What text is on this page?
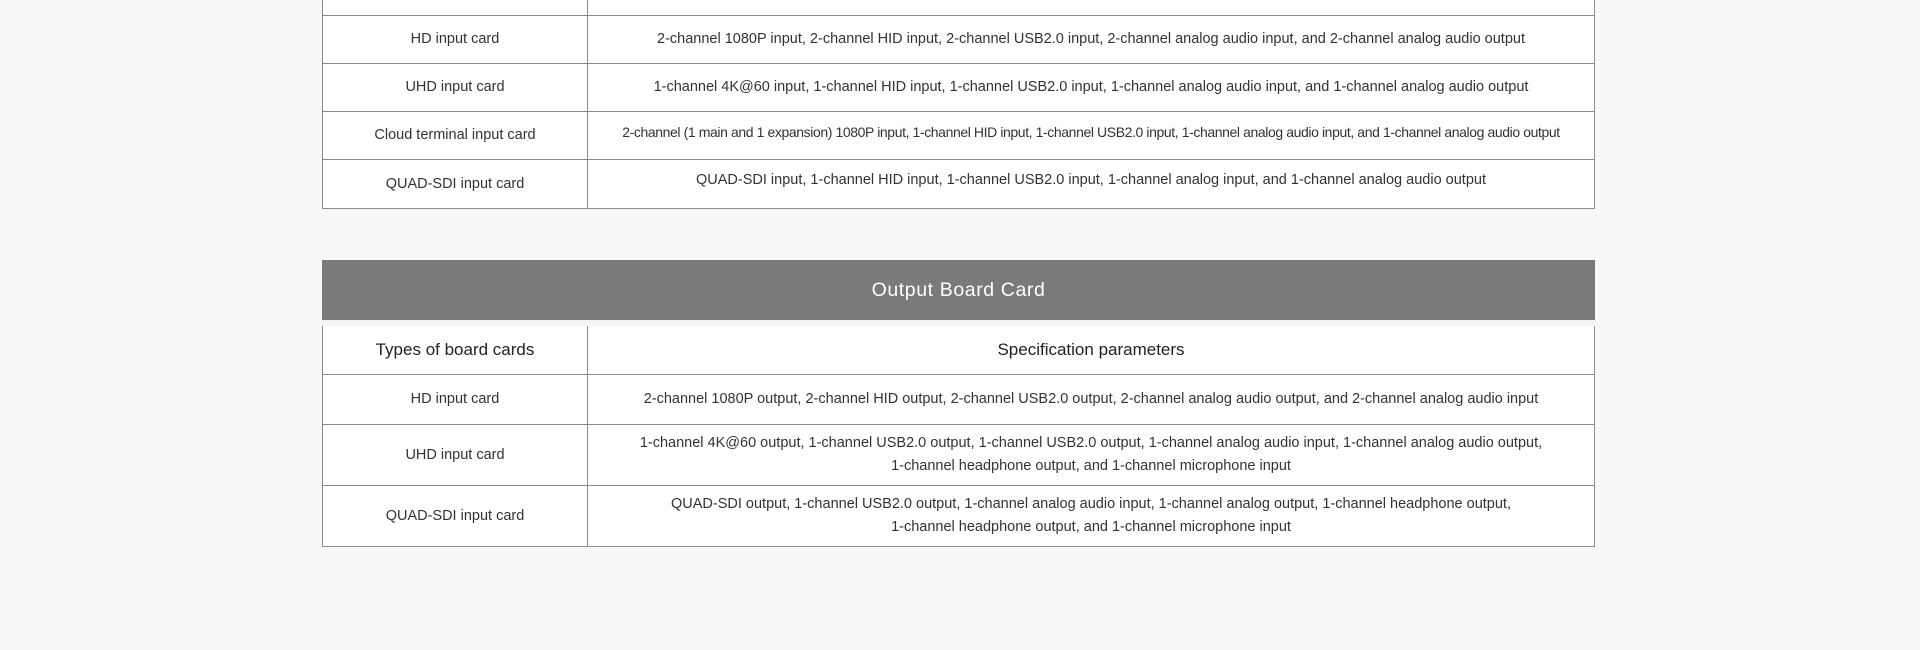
HD input card	2-channel 1080P input, 2-channel HID input, 2-channel USB2.0 input, 2-channel analog audio input, and 2-channel analog audio output
UHD input card	1-channel 4K@60 input, 1-channel HID input, 1-channel USB2.0 input, 1-channel analog audio input, and 1-channel analog audio output
Cloud terminal input card	2-channel (1 main and 1 expansion) 1080P input, 1-channel HID input, 1-channel USB2.0 input, 1-channel analog audio input, and 1-channel analog audio output
QUAD-SDI input card	QUAD-SDI input, 1-channel HID input, 1-channel USB2.0 input, 1-channel analog input, and 1-channel analog audio output
Output Board Card	
Types of board cards	Specification parameters
HD input card	2-channel 1080P output, 2-channel HID output, 2-channel USB2.0 output, 2-channel analog audio output, and 2-channel analog audio input

UHD input card	1-channel 4K@60 output, 1-channel USB2.0 output, 1-channel USB2.0 output, 1-channel analog audio input, 1-channel analog audio output,
1-channel headphone output, and 1-channel microphone input

QUAD-SDI input card	QUAD-SDI output, 1-channel USB2.0 output, 1-channel analog audio input, 1-channel analog output, 1-channel headphone output,
1-channel headphone output, and 1-channel microphone input
